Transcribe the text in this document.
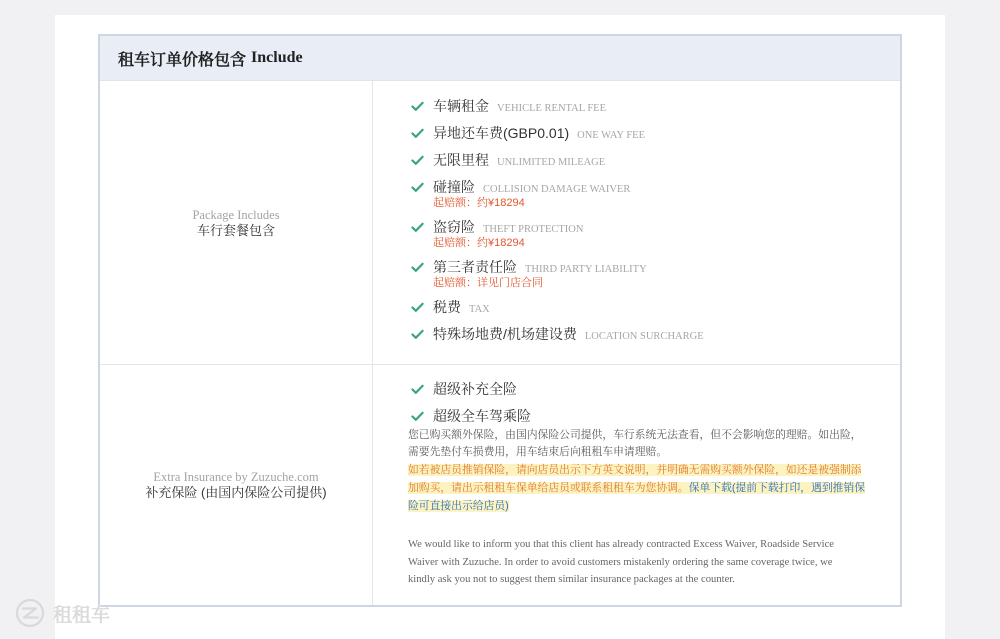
租车订单价格包含 Include
Package Includes
车行套餐包含
车辆租金 VEHICLE RENTAL FEE
异地还车费(GBP0.01) ONE WAY FEE
无限里程 UNLIMITED MILEAGE
碰撞险 COLLISION DAMAGE WAIVER
起赔额：约¥18294
盗窃险 THEFT PROTECTION
起赔额：约¥18294
第三者责任险 THIRD PARTY LIABILITY
起赔额：详见门店合同
税费 TAX
特殊场地费/机场建设费 LOCATION SURCHARGE
Extra Insurance by Zuzuche.com
补充保险 (由国内保险公司提供)
超级补充全险
超级全车驾乘险

您已购买额外保险，由国内保险公司提供，车行系统无法查看，但不会影响您的理赔。如出险，需要先垫付车损费用，用车结束后向租租车申请理赔。

如若被店员推销保险，请向店员出示下方英文说明，并明确无需购买额外保险，如还是被强制添加购买，请出示租租车保单给店员或联系租租车为您协调。保单下载(提前下载打印，遇到推销保险可直接出示给店员)

We would like to inform you that this client has already contracted Excess Waiver, Roadside Service Waiver with Zuzuche. In order to avoid customers mistakenly ordering the same coverage twice, we kindly ask you not to suggest them similar insurance packages at the counter.

租租车
